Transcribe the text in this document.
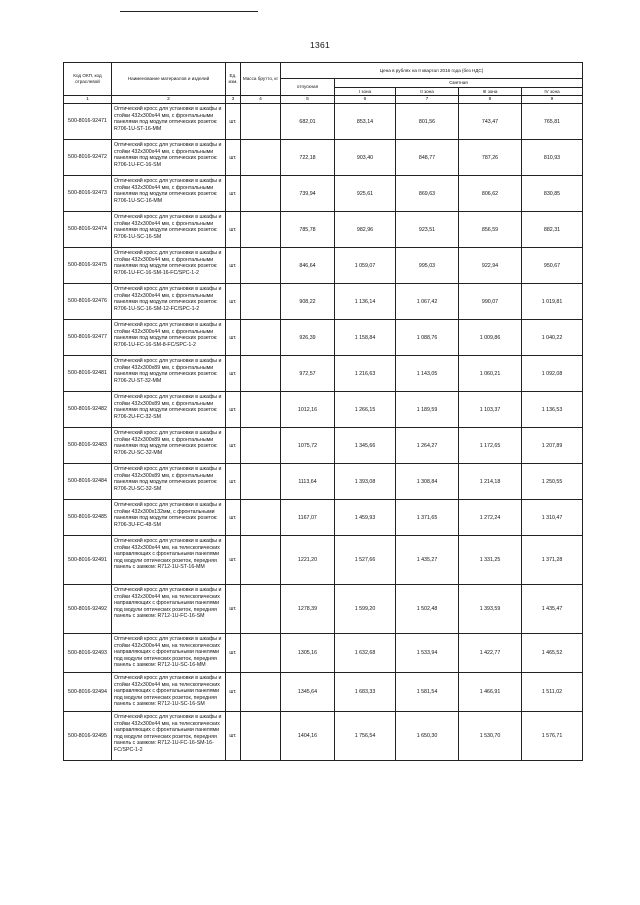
1361
Код ОКП, код отраслевой	Наименование материалов и изделий	Ед. изм.	Масса брутто, кг	Цена в рублях на II квартал 2016 года (без НДС)				
				отпускная	Сметная			
					I зона	II зона	III зона	IV зона
1	2	3	4	5	6	7	8	9
500-8016-92471	Оптический кросс для установки в шкафы и стойки 432x300x44 мм, с фронтальными панелями под модули оптических розеток: R706-1U-ST-16-MM	шт.		682,01	853,14	801,56	743,47	765,81
500-8016-92472	Оптический кросс для установки в шкафы и стойки 432x300x44 мм, с фронтальными панелями под модули оптических розеток: R706-1U-FC-16-SM	шт.		722,18	903,40	848,77	787,26	810,93
500-8016-92473	Оптический кросс для установки в шкафы и стойки 432x300x44 мм, с фронтальными панелями под модули оптических розеток: R706-1U-SC-16-MM	шт.		739,94	925,61	869,63	806,62	830,85
500-8016-92474	Оптический кросс для установки в шкафы и стойки 432x300x44 мм, с фронтальными панелями под модули оптических розеток: R706-1U-SC-16-SM	шт.		785,78	982,96	923,51	856,59	882,31
500-8016-92475	Оптический кросс для установки в шкафы и стойки 432x300x44 мм, с фронтальными панелями под модули оптических розеток: R706-1U-FC-16-SM-16-FC/SPC-1-2	шт.		846,64	1 059,07	995,03	922,94	950,67
500-8016-92476	Оптический кросс для установки в шкафы и стойки 432x300x44 мм, с фронтальными панелями под модули оптических розеток: R706-1U-SC-16-SM-12-FC/SPC-1-2	шт.		908,22	1 136,14	1 067,42	990,07	1 019,81
500-8016-92477	Оптический кросс для установки в шкафы и стойки 432x300x44 мм, с фронтальными панелями под модули оптических розеток: R706-1U-FC-16-SM-8-FC/SPC-1-2	шт.		926,39	1 158,84	1 088,76	1 009,86	1 040,22
500-8016-92481	Оптический кросс для установки в шкафы и стойки 432x300x89 мм, с фронтальными панелями под модули оптических розеток: R706-2U-ST-32-MM	шт.		972,57	1 216,63	1 143,05	1 060,21	1 092,08
500-8016-92482	Оптический кросс для установки в шкафы и стойки 432x300x89 мм, с фронтальными панелями под модули оптических розеток: R706-2U-FC-32-SM	шт.		1012,16	1 266,15	1 189,59	1 103,37	1 136,53
500-8016-92483	Оптический кросс для установки в шкафы и стойки 432x300x89 мм, с фронтальными панелями под модули оптических розеток: R706-2U-SC-32-MM	шт.		1075,72	1 345,66	1 264,27	1 172,65	1 207,89
500-8016-92484	Оптический кросс для установки в шкафы и стойки 432x300x89 мм, с фронтальными панелями под модули оптических розеток: R706-2U-SC-32-SM	шт.		1113,64	1 393,08	1 308,84	1 214,18	1 250,55
500-8016-92485	Оптический кросс для установки в шкафы и стойки 432x300x132мм, с фронтальными панелями под модули оптических розеток: R706-3U-FC-48-SM	шт.		1167,07	1 459,93	1 371,65	1 272,24	1 310,47
500-8016-92491	Оптический кросс для установки в шкафы и стойки 432x300x44 мм, на телескопических направляющих с фронтальными панелями под модули оптических розеток, передняя панель с замком: R712-1U-ST-16-MM	шт.		1221,20	1 527,66	1 435,27	1 331,25	1 371,28
500-8016-92492	Оптический кросс для установки в шкафы и стойки 432x300x44 мм, на телескопических направляющих с фронтальными панелями под модули оптических розеток, передняя панель с замком: R712-1U-FC-16-SM	шт.		1278,39	1 599,20	1 502,48	1 393,59	1 435,47
500-8016-92493	Оптический кросс для установки в шкафы и стойки 432x300x44 мм, на телескопических направляющих с фронтальными панелями под модули оптических розеток, передняя панель с замком: R712-1U-SC-16-MM	шт.		1305,16	1 632,68	1 533,94	1 422,77	1 465,52
500-8016-92494	Оптический кросс для установки в шкафы и стойки 432x300x44 мм, на телескопических направляющих с фронтальными панелями под модули оптических розеток, передняя панель с замком: R712-1U-SC-16-SM	шт.		1345,64	1 683,33	1 581,54	1 466,91	1 511,02
500-8016-92495	Оптический кросс для установки в шкафы и стойки 432x300x44 мм, на телескопических направляющих с фронтальными панелями под модули оптических розеток, передняя панель с замком: R712-1U-FC-16-SM-16-FC/SPC-1-2	шт.		1404,16	1 756,54	1 650,30	1 530,70	1 576,71
